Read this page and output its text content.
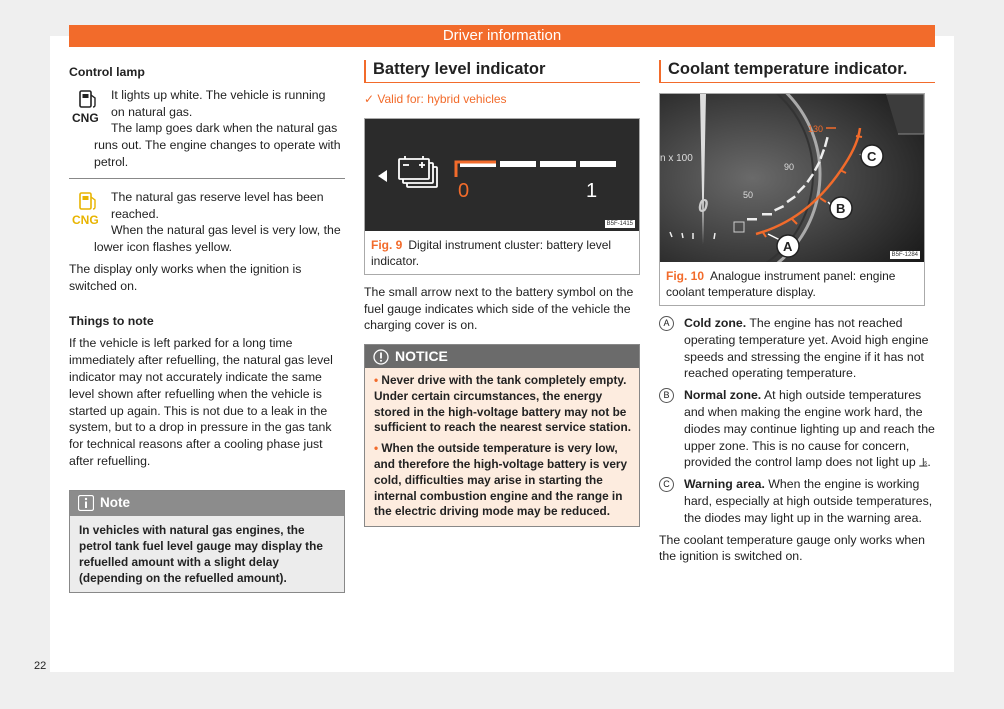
Driver information

Control lamp

CNG

It lights up white. The vehicle is running

on natural gas.

The lamp goes dark when the natural gas runs out. The engine changes to operate with petrol.

CNG

The natural gas reserve level has been

reached.

When the natural gas level is very low, the lower icon flashes yellow.

The display only works when the ignition is switched on.

Things to note

If the vehicle is left parked for a long time immediately after refuelling, the natural gas level indicator may not accurately indicate the same level shown after refuelling when the vehicle is started up again. This is not due to a leak in the system, but to a drop in pressure in the gas tank for technical reasons after a cooling phase just after refuelling.

Note
In vehicles with natural gas engines, the petrol tank fuel level gauge may display the refuelled amount with a slight delay (depending on the refuelled amount).
Battery level indicator
✓ Valid for: hybrid vehicles
0	1
B5F-1415
Fig. 9 Digital instrument cluster: battery level indicator.

The small arrow next to the battery symbol on the fuel gauge indicates which side of the vehicle the charging cover is on.

NOTICE

• Never drive with the tank completely empty. Under certain circumstances, the energy stored in the high-voltage battery may not be sufficient to reach the nearest service station.

• When the outside temperature is very low, and therefore the high-voltage battery is very cold, difficulties may arise in starting the internal combustion engine and the range in the electric driving mode may be reduced.

Coolant temperature indicator.
n x 100
0
130
90
50
A
B
C
B5F-1284
Fig. 10 Analogue instrument panel: engine coolant temperature display.
A	Cold zone. The engine has not reached operating temperature yet. Avoid high engine speeds and stressing the engine if it has not reached operating temperature.
B	Normal zone. At high outside temperatures and when making the engine work hard, the diodes may continue lighting up and reach the upper zone. This is no cause for concern, provided the control lamp does not light up ⫡.
C	Warning area. When the engine is working hard, especially at high outside temperatures, the diodes may light up in the warning area.

The coolant temperature gauge only works when the ignition is switched on.

22
